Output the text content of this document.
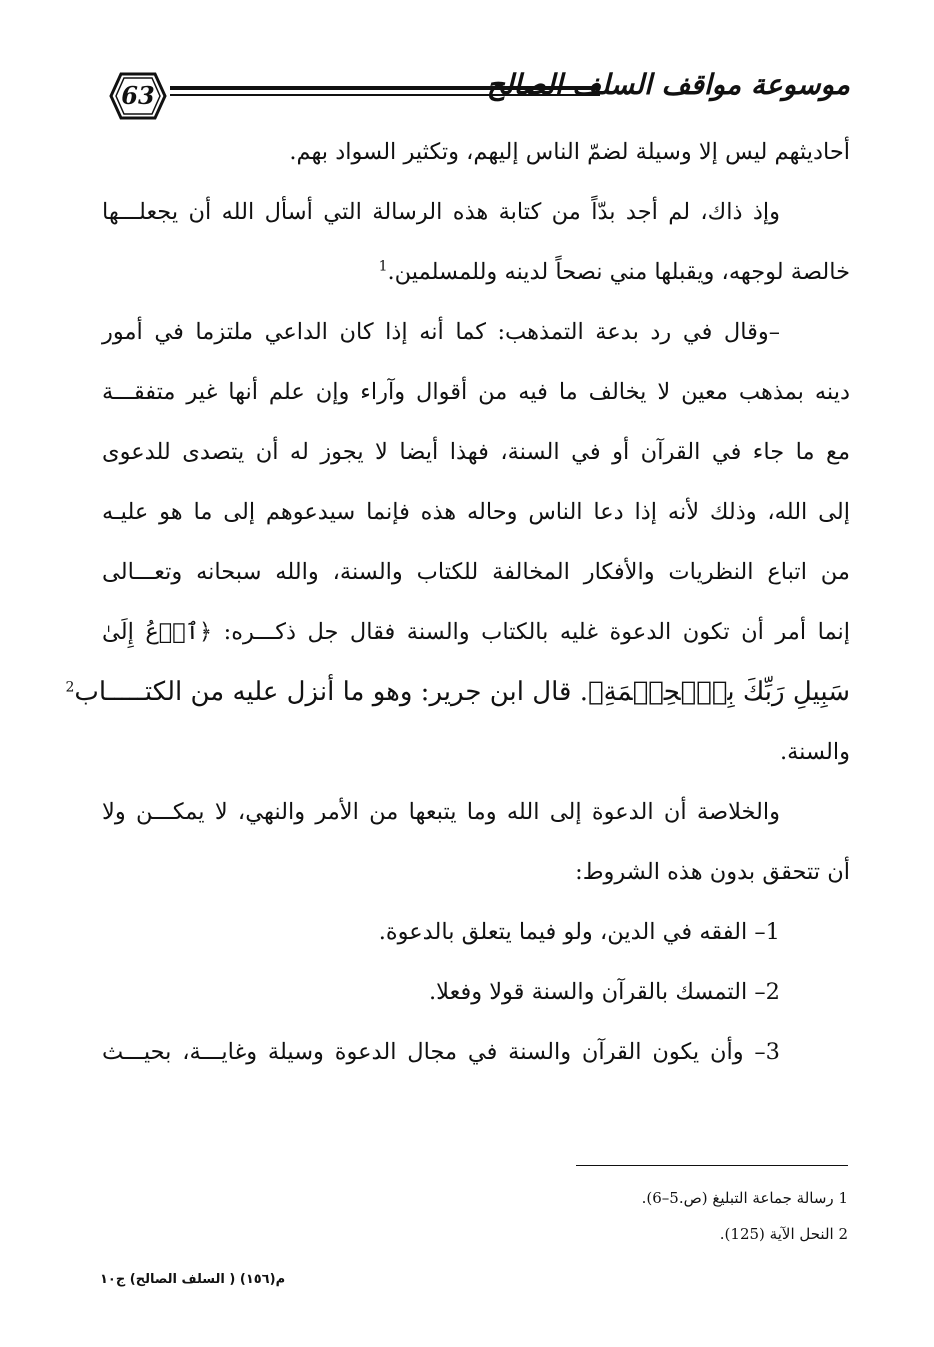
63	موسوعة مواقف السلف الصالح
أحاديثهم ليس إلا وسيلة لضمّ الناس إليهم، وتكثير السواد بهم.
وإذ ذاك، لم أجد بدّاً من كتابة هذه الرسالة التي أسأل الله أن يجعلـــها
خالصة لوجهه، ويقبلها مني نصحاً لدينه وللمسلمين.$^1$
–وقال في رد بدعة التمذهب: كما أنه إذا كان الداعي ملتزما في أمور
دينه بمذهب معين لا يخالف ما فيه من أقوال وآراء وإن علم أنها غير متفقـــة
مع ما جاء في القرآن أو في السنة، فهذا أيضا لا يجوز له أن يتصدى للدعوى
إلى الله، وذلك لأنه إذا دعا الناس وحاله هذه فإنما سيدعوهم إلى ما هو عليـه
من اتباع النظريات والأفكار المخالفة للكتاب والسنة، والله سبحانه وتعـــالى
إنما أمر أن تكون الدعوة غليه بالكتاب والسنة فقال جل ذكـــره: ﴿ٱدۡعُ إِلَىٰ
سَبِيلِ رَبِّكَ بِٱلۡحِكۡمَةِ﴾. قال ابن جرير: وهو ما أنزل عليه من الكتـــــاب$^2$
والسنة.
والخلاصة أن الدعوة إلى الله وما يتبعها من الأمر والنهي، لا يمكـــن ولا
أن تتحقق بدون هذه الشروط:
1– الفقه في الدين، ولو فيما يتعلق بالدعوة.
2– التمسك بالقرآن والسنة قولا وفعلا.
3– وأن يكون القرآن والسنة في مجال الدعوة وسيلة وغايـــة، بحيـــث
1 رسالة جماعة التبليغ (ص.5–6).
2 النحل الآية (125).
م(١٥٦) ( السلف الصالح) ج١٠
